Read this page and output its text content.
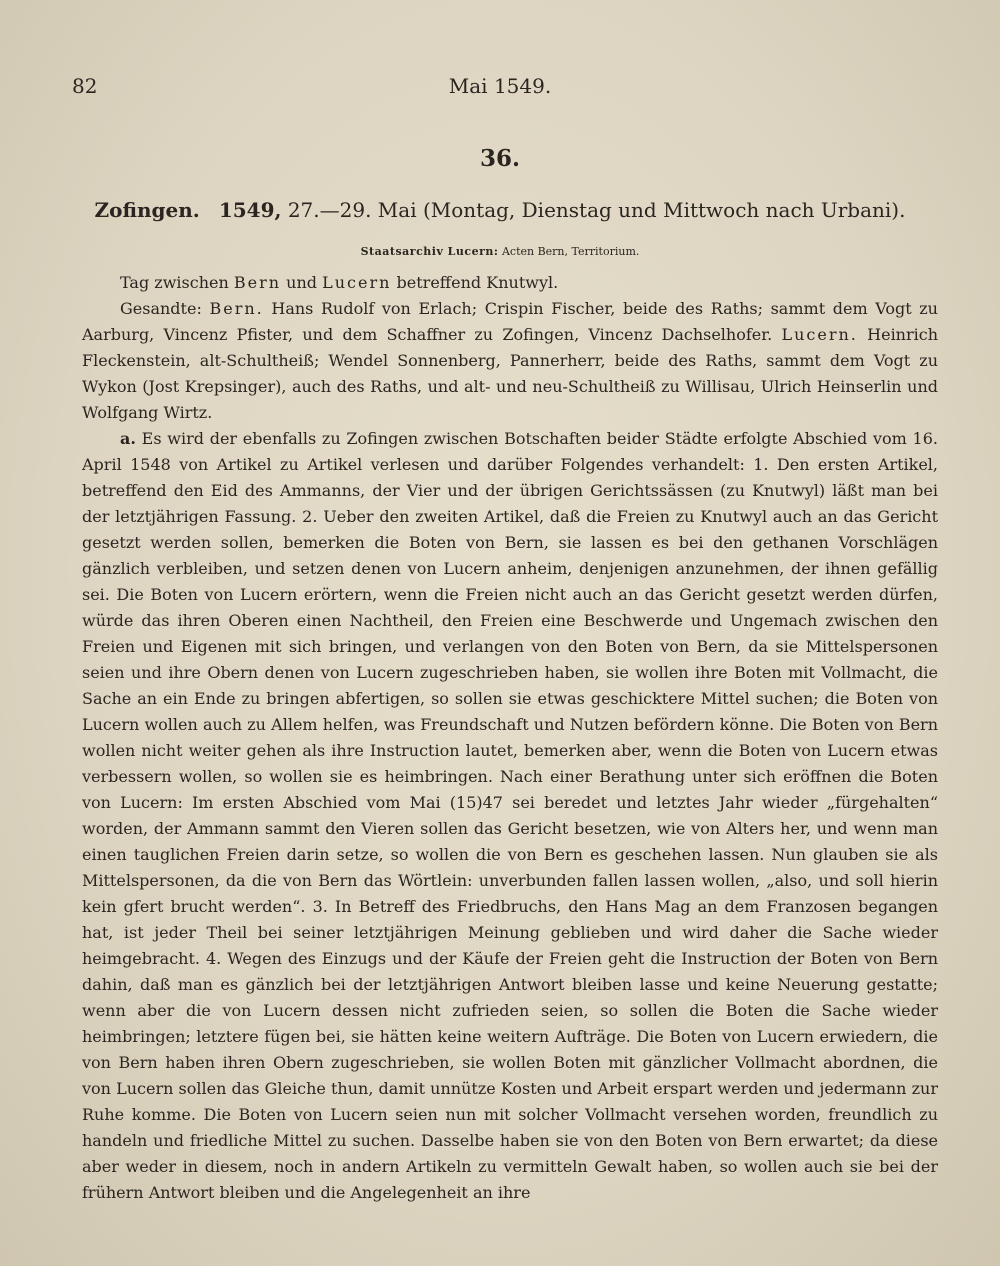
82	Mai 1549.
36.
Zofingen. 1549, 27.—29. Mai (Montag, Dienstag und Mittwoch nach Urbani).
Staatsarchiv Lucern: Acten Bern, Territorium.

Tag zwischen Bern und Lucern betreffend Knutwyl.

Gesandte: Bern. Hans Rudolf von Erlach; Crispin Fischer, beide des Raths; sammt dem Vogt zu Aarburg, Vincenz Pfister, und dem Schaffner zu Zofingen, Vincenz Dachselhofer. Lucern. Heinrich Fleckenstein, alt-Schultheiß; Wendel Sonnenberg, Pannerherr, beide des Raths, sammt dem Vogt zu Wykon (Jost Krepsinger), auch des Raths, und alt- und neu-Schultheiß zu Willisau, Ulrich Heinserlin und Wolfgang Wirtz.

a. Es wird der ebenfalls zu Zofingen zwischen Botschaften beider Städte erfolgte Abschied vom 16. April 1548 von Artikel zu Artikel verlesen und darüber Folgendes verhandelt: 1. Den ersten Artikel, betreffend den Eid des Ammanns, der Vier und der übrigen Gerichtssässen (zu Knutwyl) läßt man bei der letztjährigen Fassung. 2. Ueber den zweiten Artikel, daß die Freien zu Knutwyl auch an das Gericht gesetzt werden sollen, bemerken die Boten von Bern, sie lassen es bei den gethanen Vorschlägen gänzlich verbleiben, und setzen denen von Lucern anheim, denjenigen anzunehmen, der ihnen gefällig sei. Die Boten von Lucern erörtern, wenn die Freien nicht auch an das Gericht gesetzt werden dürfen, würde das ihren Oberen einen Nachtheil, den Freien eine Beschwerde und Ungemach zwischen den Freien und Eigenen mit sich bringen, und verlangen von den Boten von Bern, da sie Mittelspersonen seien und ihre Obern denen von Lucern zugeschrieben haben, sie wollen ihre Boten mit Vollmacht, die Sache an ein Ende zu bringen abfertigen, so sollen sie etwas geschicktere Mittel suchen; die Boten von Lucern wollen auch zu Allem helfen, was Freundschaft und Nutzen befördern könne. Die Boten von Bern wollen nicht weiter gehen als ihre Instruction lautet, bemerken aber, wenn die Boten von Lucern etwas verbessern wollen, so wollen sie es heimbringen. Nach einer Berathung unter sich eröffnen die Boten von Lucern: Im ersten Abschied vom Mai (15)47 sei beredet und letztes Jahr wieder „fürgehalten“ worden, der Ammann sammt den Vieren sollen das Gericht besetzen, wie von Alters her, und wenn man einen tauglichen Freien darin setze, so wollen die von Bern es geschehen lassen. Nun glauben sie als Mittelspersonen, da die von Bern das Wörtlein: unverbunden fallen lassen wollen, „also, und soll hierin kein gfert brucht werden“. 3. In Betreff des Friedbruchs, den Hans Mag an dem Franzosen begangen hat, ist jeder Theil bei seiner letztjährigen Meinung geblieben und wird daher die Sache wieder heimgebracht. 4. Wegen des Einzugs und der Käufe der Freien geht die Instruction der Boten von Bern dahin, daß man es gänzlich bei der letztjährigen Antwort bleiben lasse und keine Neuerung gestatte; wenn aber die von Lucern dessen nicht zufrieden seien, so sollen die Boten die Sache wieder heimbringen; letztere fügen bei, sie hätten keine weitern Aufträge. Die Boten von Lucern erwiedern, die von Bern haben ihren Obern zugeschrieben, sie wollen Boten mit gänzlicher Vollmacht abordnen, die von Lucern sollen das Gleiche thun, damit unnütze Kosten und Arbeit erspart werden und jedermann zur Ruhe komme. Die Boten von Lucern seien nun mit solcher Vollmacht versehen worden, freundlich zu handeln und friedliche Mittel zu suchen. Dasselbe haben sie von den Boten von Bern erwartet; da diese aber weder in diesem, noch in andern Artikeln zu vermitteln Gewalt haben, so wollen auch sie bei der frühern Antwort bleiben und die Angelegenheit an ihre
